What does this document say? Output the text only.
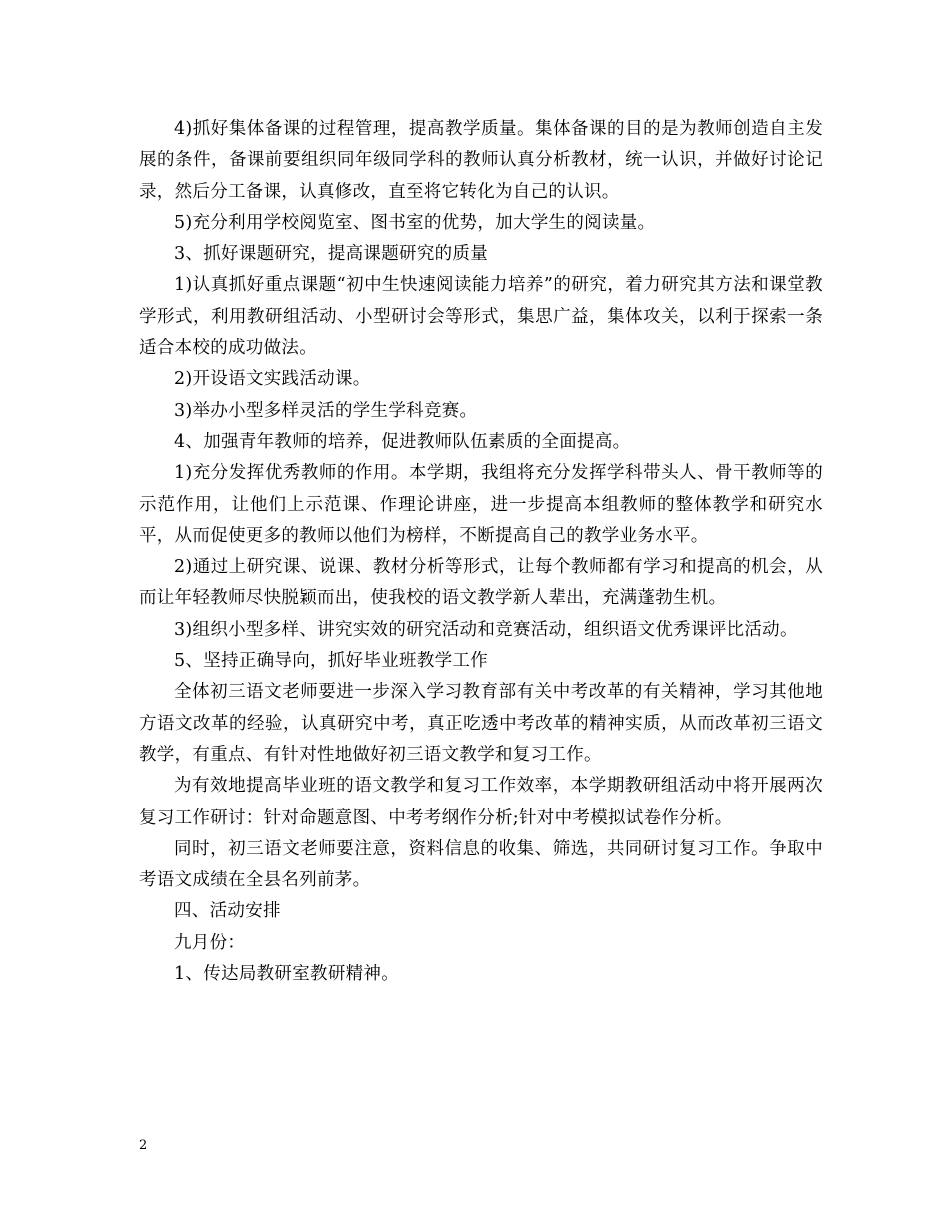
4)抓好集体备课的过程管理，提高教学质量。集体备课的目的是为教师创造自主发展的条件，备课前要组织同年级同学科的教师认真分析教材，统一认识，并做好讨论记录，然后分工备课，认真修改，直至将它转化为自己的认识。

5)充分利用学校阅览室、图书室的优势，加大学生的阅读量。

3、抓好课题研究，提高课题研究的质量

1)认真抓好重点课题“初中生快速阅读能力培养”的研究，着力研究其方法和课堂教学形式，利用教研组活动、小型研讨会等形式，集思广益，集体攻关，以利于探索一条适合本校的成功做法。

2)开设语文实践活动课。

3)举办小型多样灵活的学生学科竞赛。

4、加强青年教师的培养，促进教师队伍素质的全面提高。

1)充分发挥优秀教师的作用。本学期，我组将充分发挥学科带头人、骨干教师等的示范作用，让他们上示范课、作理论讲座，进一步提高本组教师的整体教学和研究水平，从而促使更多的教师以他们为榜样，不断提高自己的教学业务水平。

2)通过上研究课、说课、教材分析等形式，让每个教师都有学习和提高的机会，从而让年轻教师尽快脱颖而出，使我校的语文教学新人辈出，充满蓬勃生机。

3)组织小型多样、讲究实效的研究活动和竞赛活动，组织语文优秀课评比活动。

5、坚持正确导向，抓好毕业班教学工作

全体初三语文老师要进一步深入学习教育部有关中考改革的有关精神，学习其他地方语文改革的经验，认真研究中考，真正吃透中考改革的精神实质，从而改革初三语文教学，有重点、有针对性地做好初三语文教学和复习工作。

为有效地提高毕业班的语文教学和复习工作效率，本学期教研组活动中将开展两次复习工作研讨：针对命题意图、中考考纲作分析;针对中考模拟试卷作分析。

同时，初三语文老师要注意，资料信息的收集、筛选，共同研讨复习工作。争取中考语文成绩在全县名列前茅。

四、活动安排

九月份：

1、传达局教研室教研精神。

2
